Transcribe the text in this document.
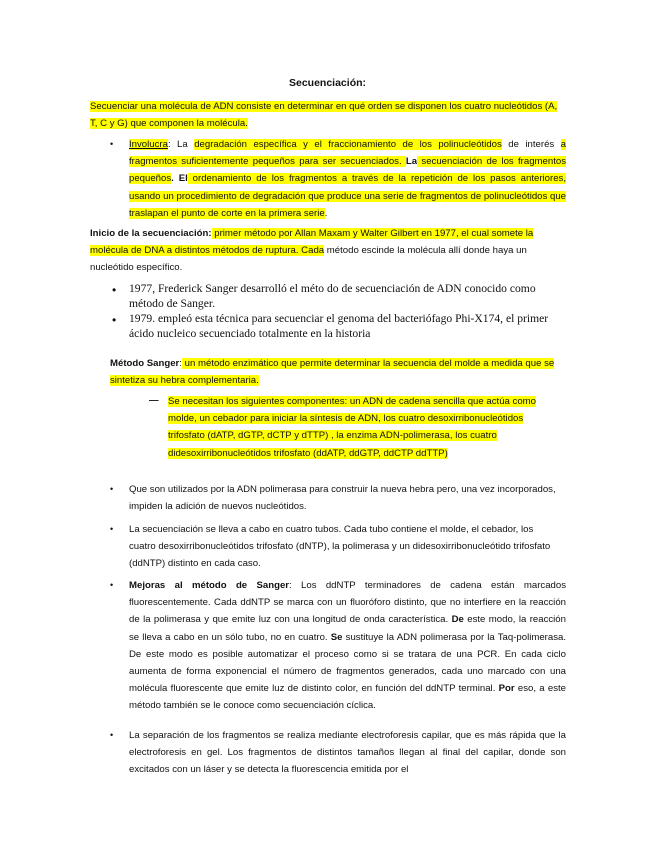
Secuenciación:
Secuenciar una molécula de ADN consiste en determinar en qué orden se disponen los cuatro nucleótidos (A, T, C y G) que componen la molécula.
• Involucra: La degradación específica y el fraccionamiento de los polinucleótidos de interés a fragmentos suficientemente pequeños para ser secuenciados. La secuenciación de los fragmentos pequeños. El ordenamiento de los fragmentos a través de la repetición de los pasos anteriores, usando un procedimiento de degradación que produce una serie de fragmentos de polinucleótidos que traslapan el punto de corte en la primera serie.
Inicio de la secuenciación: primer método por Allan Maxam y Walter Gilbert en 1977, el cual somete la molécula de DNA a distintos métodos de ruptura. Cada método escinde la molécula allí donde haya un nucleótido específico.
• 1977, Frederick Sanger desarrolló el méto do de secuenciación de ADN conocido como método de Sanger.
• 1979. empleó esta técnica para secuenciar el genoma del bacteriófago Phi-X174, el primer ácido nucleico secuenciado totalmente en la historia
Método Sanger: un método enzimático que permite determinar la secuencia del molde a medida que se sintetiza su hebra complementaria.
— Se necesitan los siguientes componentes: un ADN de cadena sencilla que actúa como molde, un cebador para iniciar la síntesis de ADN, los cuatro desoxirribonucleótidos trifosfato (dATP, dGTP, dCTP y dTTP) , la enzima ADN-polimerasa, los cuatro didesoxirribonucleótidos trifosfato (ddATP, ddGTP, ddCTP ddTTP)
• Que son utilizados por la ADN polimerasa para construir la nueva hebra pero, una vez incorporados, impiden la adición de nuevos nucleótidos.
• La secuenciación se lleva a cabo en cuatro tubos. Cada tubo contiene el molde, el cebador, los cuatro desoxirribonucleótidos trifosfato (dNTP), la polimerasa y un didesoxirribonucleótido trifosfato (ddNTP) distinto en cada caso.
• Mejoras al método de Sanger: Los ddNTP terminadores de cadena están marcados fluorescentemente. Cada ddNTP se marca con un fluoróforo distinto, que no interfiere en la reacción de la polimerasa y que emite luz con una longitud de onda característica. De este modo, la reacción se lleva a cabo en un sólo tubo, no en cuatro. Se sustituye la ADN polimerasa por la Taq-polimerasa. De este modo es posible automatizar el proceso como si se tratara de una PCR. En cada ciclo aumenta de forma exponencial el número de fragmentos generados, cada uno marcado con una molécula fluorescente que emite luz de distinto color, en función del ddNTP terminal. Por eso, a este método también se le conoce como secuenciación cíclica.
• La separación de los fragmentos se realiza mediante electroforesis capilar, que es más rápida que la electroforesis en gel. Los fragmentos de distintos tamaños llegan al final del capilar, donde son excitados con un láser y se detecta la fluorescencia emitida por el
